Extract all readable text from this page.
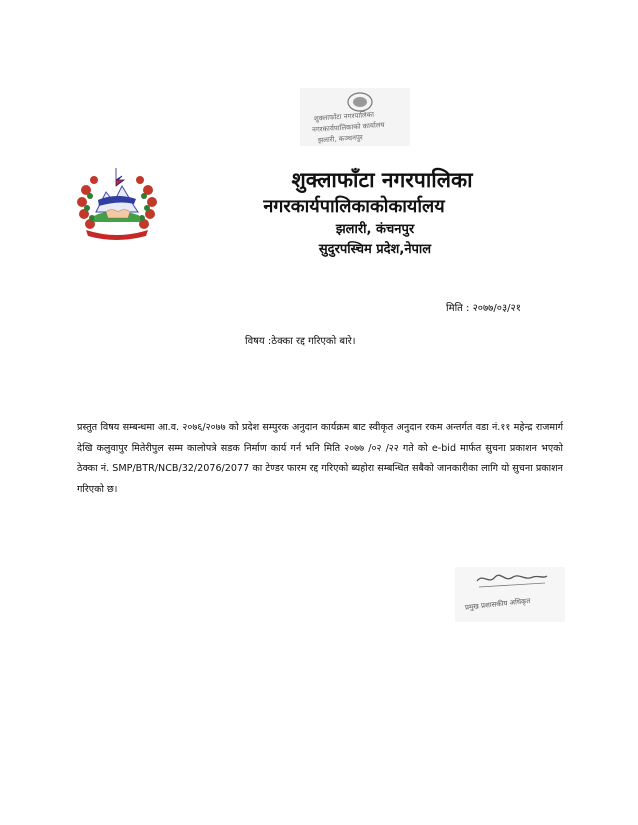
शुक्लाफाँटा नगरपालिका
नगरकार्यपालिकाको कार्यालय
झलारी, कञ्चनपुर
शुक्लाफाँटा नगरपालिका
नगरकार्यपालिकाकोकार्यालय
झलारी, कंचनपुर
सुदुरपस्चिम प्रदेश,नेपाल
मिति : २०७७/०३/२१
विषय :ठेक्का रद्द गरिएको बारे।
प्रस्तुत विषय सम्बन्धमा आ.व. २०७६/२०७७ को प्रदेश सम्पुरक अनुदान कार्यक्रम बाट स्वीकृत अनुदान रकम अन्तर्गत वडा नं.११ महेन्द्र राजमार्ग देखि कलुवापुर मितेरीपुल सम्म कालोपत्रे सडक निर्माण कार्य गर्न भनि मिति २०७७ /०२ /२२ गते को e-bid मार्फत सुचना प्रकाशन भएको ठेक्का नं. SMP/BTR/NCB/32/2076/2077 का टेण्डर फारम रद्द गरिएको ब्यहोरा सम्बन्धित सबैको जानकारीका लागि यो सुचना प्रकाशन गरिएको छ।
प्रमुख प्रशासकीय अधिकृत
